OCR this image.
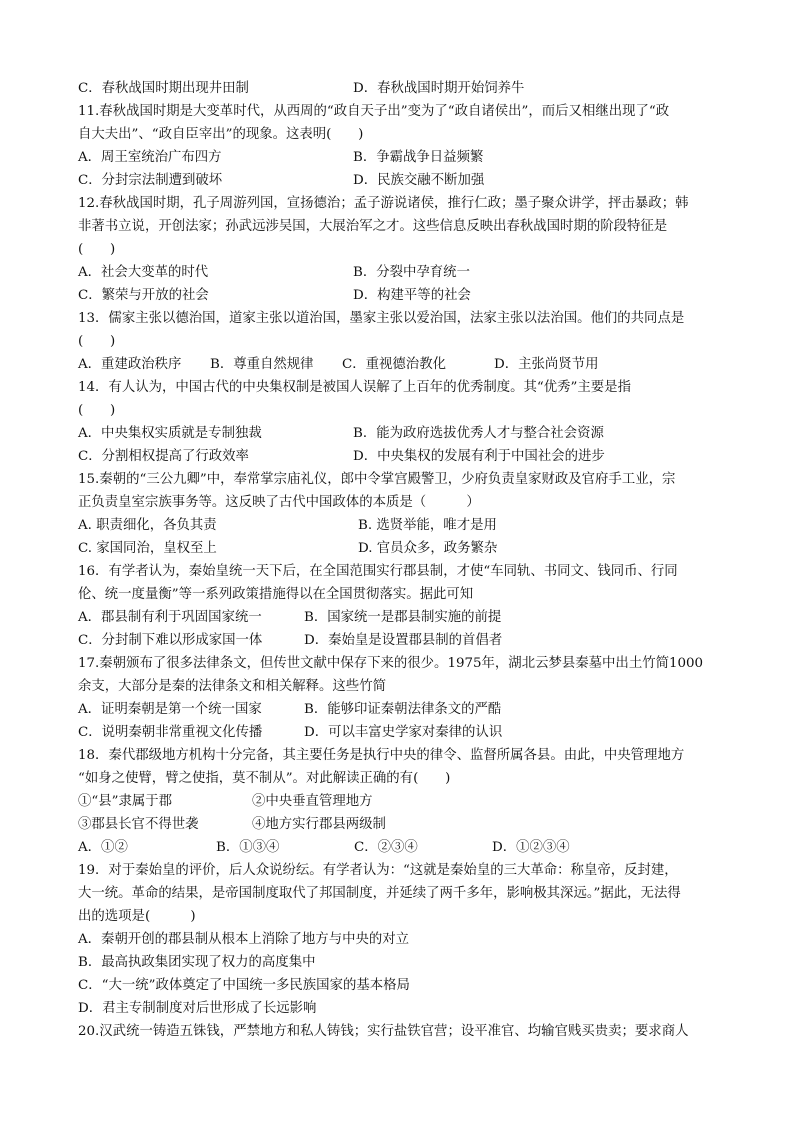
C．春秋战国时期出现井田制	D．春秋战国时期开始饲养牛
11.春秋战国时期是大变革时代，从西周的“政自天子出”变为了“政自诸侯出”，而后又相继出现了“政
自大夫出”、“政自臣宰出”的现象。这表明(　　)
A．周王室统治广布四方	B．争霸战争日益频繁
C．分封宗法制遭到破坏	D．民族交融不断加强
12.春秋战国时期，孔子周游列国，宣扬德治；孟子游说诸侯，推行仁政；墨子聚众讲学，抨击暴政；韩
非著书立说，开创法家；孙武远涉吴国，大展治军之才。这些信息反映出春秋战国时期的阶段特征是
(　　)
A．社会大变革的时代	B．分裂中孕育统一
C．繁荣与开放的社会	D．构建平等的社会
13．儒家主张以德治国，道家主张以道治国，墨家主张以爱治国，法家主张以法治国。他们的共同点是
(　　)
A．重建政治秩序 B．尊重自然规律 C．重视德治教化	D．主张尚贤节用
14．有人认为，中国古代的中央集权制是被国人误解了上百年的优秀制度。其“优秀”主要是指
(　　)
A．中央集权实质就是专制独裁	B．能为政府选拔优秀人才与整合社会资源
C．分割相权提高了行政效率	D．中央集权的发展有利于中国社会的进步
15.秦朝的“三公九卿”中，奉常掌宗庙礼仪，郎中令掌宫殿警卫，少府负责皇家财政及官府手工业，宗
正负责皇室宗族事务等。这反映了古代中国政体的本质是（　　　）
A. 职责细化，各负其责	B. 选贤举能，唯才是用
C. 家国同治，皇权至上	D. 官员众多，政务繁杂
16．有学者认为，秦始皇统一天下后，在全国范围实行郡县制，才使“车同轨、书同文、钱同币、行同
伦、统一度量衡”等一系列政策措施得以在全国贯彻落实。据此可知
A．郡县制有利于巩固国家统一	B．国家统一是郡县制实施的前提
C．分封制下难以形成家国一体	D．秦始皇是设置郡县制的首倡者
17.秦朝颁布了很多法律条文，但传世文献中保存下来的很少。1975年，湖北云梦县秦墓中出土竹简1000
余支，大部分是秦的法律条文和相关解释。这些竹简
A．证明秦朝是第一个统一国家	B．能够印证秦朝法律条文的严酷
C．说明秦朝非常重视文化传播	D．可以丰富史学家对秦律的认识
18．秦代郡级地方机构十分完备，其主要任务是执行中央的律令、监督所属各县。由此，中央管理地方
“如身之使臂，臂之使指，莫不制从”。对此解读正确的有(　　)
①“县”隶属于郡	②中央垂直管理地方
③郡县长官不得世袭	④地方实行郡县两级制
A．①②	B．①③④	C．②③④	D．①②③④
19．对于秦始皇的评价，后人众说纷纭。有学者认为：“这就是秦始皇的三大革命：称皇帝，反封建，
大一统。革命的结果，是帝国制度取代了邦国制度，并延续了两千多年，影响极其深远。”据此，无法得
出的选项是(　　　)
A．秦朝开创的郡县制从根本上消除了地方与中央的对立
B．最高执政集团实现了权力的高度集中
C．“大一统”政体奠定了中国统一多民族国家的基本格局
D．君主专制制度对后世形成了长远影响
20.汉武统一铸造五铢钱，严禁地方和私人铸钱；实行盐铁官营；设平准官、均输官贱买贵卖；要求商人
